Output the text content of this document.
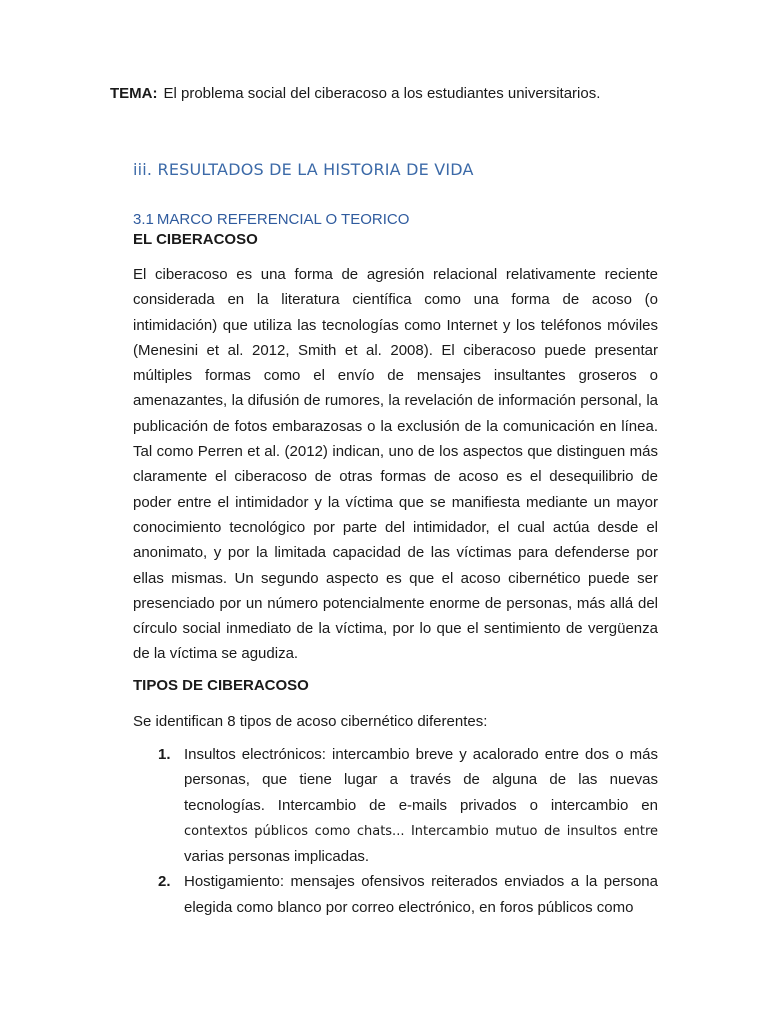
TEMA: El problema social del ciberacoso a los estudiantes universitarios.
iii. RESULTADOS DE LA HISTORIA DE VIDA
3.1 MARCO REFERENCIAL O TEORICO
EL CIBERACOSO
El ciberacoso es una forma de agresión relacional relativamente reciente considerada en la literatura científica como una forma de acoso (o intimidación) que utiliza las tecnologías como Internet y los teléfonos móviles (Menesini et al. 2012, Smith et al. 2008). El ciberacoso puede presentar múltiples formas como el envío de mensajes insultantes groseros o amenazantes, la difusión de rumores, la revelación de información personal, la publicación de fotos embarazosas o la exclusión de la comunicación en línea. Tal como Perren et al. (2012) indican, uno de los aspectos que distinguen más claramente el ciberacoso de otras formas de acoso es el desequilibrio de poder entre el intimidador y la víctima que se manifiesta mediante un mayor conocimiento tecnológico por parte del intimidador, el cual actúa desde el anonimato, y por la limitada capacidad de las víctimas para defenderse por ellas mismas. Un segundo aspecto es que el acoso cibernético puede ser presenciado por un número potencialmente enorme de personas, más allá del círculo social inmediato de la víctima, por lo que el sentimiento de vergüenza de la víctima se agudiza.
TIPOS DE CIBERACOSO
Se identifican 8 tipos de acoso cibernético diferentes:
1. Insultos electrónicos: intercambio breve y acalorado entre dos o más personas, que tiene lugar a través de alguna de las nuevas tecnologías. Intercambio de e-mails privados o intercambio en contextos públicos como chats... Intercambio mutuo de insultos entre varias personas implicadas.
2. Hostigamiento: mensajes ofensivos reiterados enviados a la persona elegida como blanco por correo electrónico, en foros públicos como
